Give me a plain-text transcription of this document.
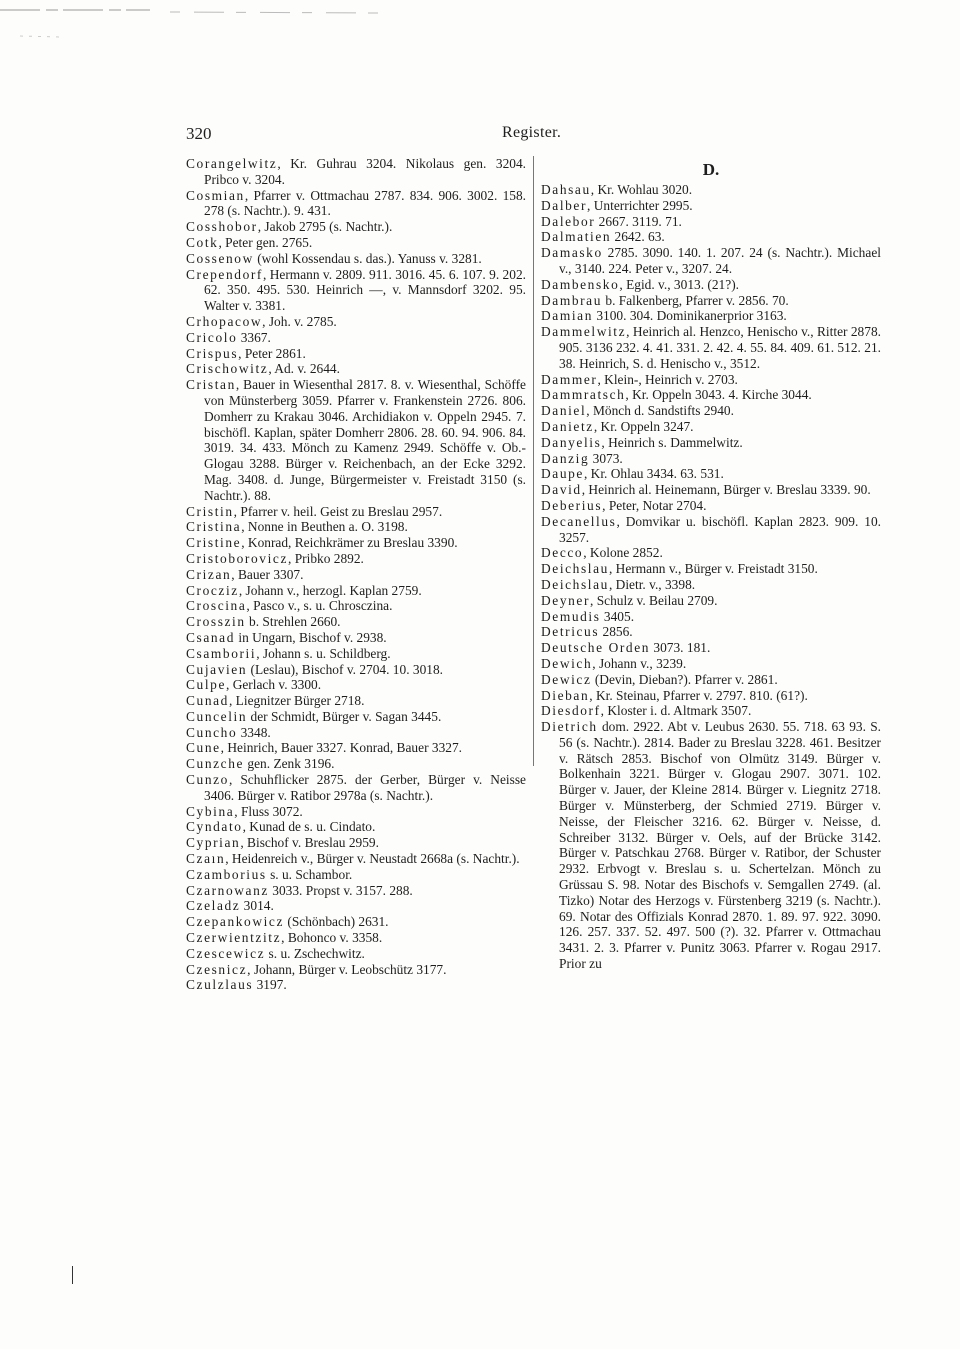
320	Register.

Corangelwitz, Kr. Guhrau 3204. Nikolaus gen. 3204. Pribco v. 3204.

Cosmian, Pfarrer v. Ottmachau 2787. 834. 906. 3002. 158. 278 (s. Nachtr.). 9. 431.

Cosshobor, Jakob 2795 (s. Nachtr.).

Cotk, Peter gen. 2765.

Cossenow (wohl Kossendau s. das.). Yanuss v. 3281.

Crependorf, Hermann v. 2809. 911. 3016. 45. 6. 107. 9. 202. 62. 350. 495. 530. Heinrich —, v. Mannsdorf 3202. 95. Walter v. 3381.

Crhopacow, Joh. v. 2785.

Cricolo 3367.

Crispus, Peter 2861.

Crischowitz, Ad. v. 2644.

Cristan, Bauer in Wiesenthal 2817. 8. v. Wiesenthal, Schöffe von Münsterberg 3059. Pfarrer v. Frankenstein 2726. 806. Domherr zu Krakau 3046. Archidiakon v. Oppeln 2945. 7. bischöfl. Kaplan, später Domherr 2806. 28. 60. 94. 906. 84. 3019. 34. 433. Mönch zu Kamenz 2949. Schöffe v. Ob.-Glogau 3288. Bürger v. Reichenbach, an der Ecke 3292. Mag. 3408. d. Junge, Bürgermeister v. Freistadt 3150 (s. Nachtr.). 88.

Cristin, Pfarrer v. heil. Geist zu Breslau 2957.

Cristina, Nonne in Beuthen a. O. 3198.

Cristine, Konrad, Reichkrämer zu Breslau 3390.

Cristoborovicz, Pribko 2892.

Crizan, Bauer 3307.

Crocziz, Johann v., herzogl. Kaplan 2759.

Croscina, Pasco v., s. u. Chrosczina.

Crosszin b. Strehlen 2660.

Csanad in Ungarn, Bischof v. 2938.

Csamborii, Johann s. u. Schildberg.

Cujavien (Leslau), Bischof v. 2704. 10. 3018.

Culpe, Gerlach v. 3300.

Cunad, Liegnitzer Bürger 2718.

Cuncelin der Schmidt, Bürger v. Sagan 3445.

Cuncho 3348.

Cune, Heinrich, Bauer 3327. Konrad, Bauer 3327.

Cunzche gen. Zenk 3196.

Cunzo, Schuhflicker 2875. der Gerber, Bürger v. Neisse 3406. Bürger v. Ratibor 2978a (s. Nachtr.).

Cybina, Fluss 3072.

Cyndato, Kunad de s. u. Cindato.

Cyprian, Bischof v. Breslau 2959.

Czaın, Heidenreich v., Bürger v. Neustadt 2668a (s. Nachtr.).

Czamborius s. u. Schambor.

Czarnowanz 3033. Propst v. 3157. 288.

Czeladz 3014.

Czepankowicz (Schönbach) 2631.

Czerwientzitz, Bohonco v. 3358.

Czescewicz s. u. Zschechwitz.

Czesnicz, Johann, Bürger v. Leobschütz 3177.

Czulzlaus 3197.

D.

Dahsau, Kr. Wohlau 3020.

Dalber, Unterrichter 2995.

Dalebor 2667. 3119. 71.

Dalmatien 2642. 63.

Damasko 2785. 3090. 140. 1. 207. 24 (s. Nachtr.). Michael v., 3140. 224. Peter v., 3207. 24.

Dambensko, Egid. v., 3013. (21?).

Dambrau b. Falkenberg, Pfarrer v. 2856. 70.

Damian 3100. 304. Dominikanerprior 3163.

Dammelwitz, Heinrich al. Henzco, Henischo v., Ritter 2878. 905. 3136 232. 4. 41. 331. 2. 42. 4. 55. 84. 409. 61. 512. 21. 38. Heinrich, S. d. Henischo v., 3512.

Dammer, Klein-, Heinrich v. 2703.

Dammratsch, Kr. Oppeln 3043. 4. Kirche 3044.

Daniel, Mönch d. Sandstifts 2940.

Danietz, Kr. Oppeln 3247.

Danyelis, Heinrich s. Dammelwitz.

Danzig 3073.

Daupe, Kr. Ohlau 3434. 63. 531.

David, Heinrich al. Heinemann, Bürger v. Breslau 3339. 90.

Deberius, Peter, Notar 2704.

Decanellus, Domvikar u. bischöfl. Kaplan 2823. 909. 10. 3257.

Decco, Kolone 2852.

Deichslau, Hermann v., Bürger v. Freistadt 3150.

Deichslau, Dietr. v., 3398.

Deyner, Schulz v. Beilau 2709.

Demudis 3405.

Detricus 2856.

Deutsche Orden 3073. 181.

Dewich, Johann v., 3239.

Dewicz (Devin, Dieban?). Pfarrer v. 2861.

Dieban, Kr. Steinau, Pfarrer v. 2797. 810. (61?).

Diesdorf, Kloster i. d. Altmark 3507.

Dietrich dom. 2922. Abt v. Leubus 2630. 55. 718. 63 93. S. 56 (s. Nachtr.). 2814. Bader zu Breslau 3228. 461. Besitzer v. Rätsch 2853. Bischof von Olmütz 3149. Bürger v. Bolkenhain 3221. Bürger v. Glogau 2907. 3071. 102. Bürger v. Jauer, der Kleine 2814. Bürger v. Liegnitz 2718. Bürger v. Münsterberg, der Schmied 2719. Bürger v. Neisse, der Fleischer 3216. 62. Bürger v. Neisse, d. Schreiber 3132. Bürger v. Oels, auf der Brücke 3142. Bürger v. Patschkau 2768. Bürger v. Ratibor, der Schuster 2932. Erbvogt v. Breslau s. u. Schertelzan. Mönch zu Grüssau S. 98. Notar des Bischofs v. Semgallen 2749. (al. Tizko) Notar des Herzogs v. Fürstenberg 3219 (s. Nachtr.). 69. Notar des Offizials Konrad 2870. 1. 89. 97. 922. 3090. 126. 257. 337. 52. 497. 500 (?). 32. Pfarrer v. Ottmachau 3431. 2. 3. Pfarrer v. Punitz 3063. Pfarrer v. Rogau 2917. Prior zu
